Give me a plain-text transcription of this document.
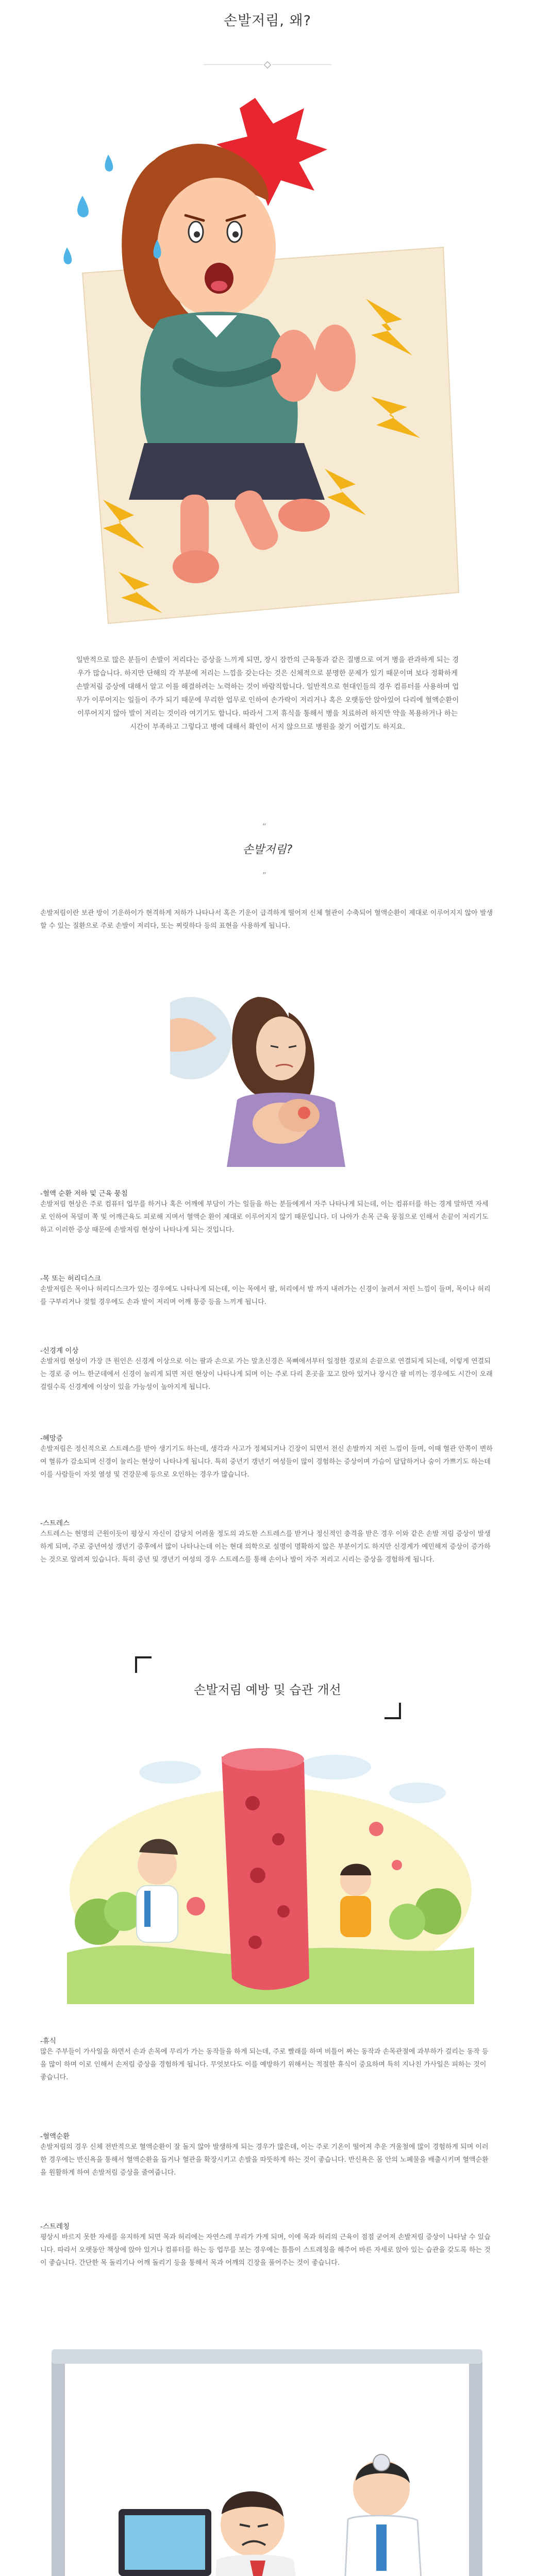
손발저림, 왜?
일반적으로 많은 분들이 손발이 저리다는 증상을 느끼게 되면, 장시 잠깐의 근육통과 같은 질병으로 여겨 병을 관과하게 되는 경우가 많습니다. 하지만 단해의 각 부분에 저리는 느낌을 갖는다는 것은 신체적으로 분명한 문제가 있기 때문이며 보다 정확하게 손발저림 증상에 대해서 알고 이를 해결하려는 노력하는 것이 바람직합니다. 일반적으로 현대인들의 경우 컴퓨터를 사용하며 업무가 이루어지는 일들이 주가 되기 때문에 무리한 업무로 인하여 손가락이 저리거나 혹은 오랫동안 앉아있어 다리에 혈액순환이 이루어지지 않아 발이 저리는 것이라 여기기도 합니다. 따라서 그저 휴식을 통해서 병을 치료하려 하지만 약을 복용하거나 하는 시간이 부족하고 그렇다고 병에 대해서 확인이 서지 않으므로 병원을 찾기 어렵기도 하지요.
“
손발저림?
”
손발저림이란 보관 방이 기운하이가 현격하게 저하가 나타나서 혹은 기운이 급격하게 떨어져 신체 혈관이 수축되어 혈액순환이 제대로 이루어지지 않아 발생할 수 있는 질환으로 주로 손발이 저리다, 또는 찌릿하다 등의 표현을 사용하게 됩니다.

-혈액 순환 저하 및 근육 뭉침

손발저림 현상은 주로 컴퓨터 업무를 하거나 혹은 어깨에 부담이 가는 일들을 하는 분들에게서 자주 나타나게 되는데, 이는 컴퓨터를 하는 경계 말하면 자세로 인하여 목덜미 쪽 및 어깨근육도 피로해 지며서 혈액순 환이 제대로 이루어지지 않기 때문입니다. 더 나아가 손목 근육 뭉침으로 인해서 손끝이 저리기도 하고 이러한 증상 때문에 손발저림 현상이 나타나게 되는 것입니다.

-목 또는 허리디스크

손발저림은 목이나 허리디스크가 있는 경우에도 나타나게 되는데, 이는 목에서 팔, 허리에서 발 까지 내려가는 신경이 눌려서 저린 느낌이 들며, 목이나 허리를 구부리거나 젖힐 경우에도 손과 발이 저리며 어깨 통증 등을 느끼게 됩니다.

-신경계 이상

손발저림 현상이 가장 큰 원인은 신경계 이상으로 이는 팔과 손으로 가는 말초신경은 목뼈에서부터 일정한 경로의 손끝으로 연결되게 되는데, 이렇게 연결되는 경로 중 어느 한군데에서 신경이 눌리게 되면 저린 현상이 나타나게 되며 이는 주로 다리 혼곳을 꼬고 앉아 있거나 장시간 팔 비끼는 경우에도 시간이 오래 걸릴수록 신경계에 이상이 있을 가능성이 높아지게 됩니다.

-혜망증

손발저림은 정신적으로 스트레스를 받아 생기기도 하는데, 생각과 사고가 정체되거나 긴장이 되면서 전신 손발까지 저린 느낌이 들며, 이때 혈관 안쪽이 변하여 혈류가 감소되며 신경이 눌리는 현상이 나타나게 됩니다. 특히 중년기 갱년기 여성들이 많이 경험하는 증상이며 가슴이 답답하거나 숨이 가쁘기도 하는데 이를 사람들이 자칫 열성 및 건강문제 등으로 오인하는 경우가 많습니다.

-스트레스

스트레스는 현명의 근원이듯이 평상시 자신이 감당치 어려울 정도의 과도한 스트레스를 받거나 정신적인 충격을 받은 경우 이와 같은 손발 저림 증상이 발생하게 되며, 주로 중년여성 갱년기 증후에서 많이 나타나는데 이는 현대 의학으로 설명이 명확하지 않은 부분이기도 하지만 신경계가 예민해져 증상이 증가하는 것으로 알려져 있습니다. 특히 중년 및 갱년기 여성의 경우 스트레스를 통해 손이나 발이 자주 저리고 시리는 증상을 경험하게 됩니다.

손발저림 예방 및 습관 개선

-휴식

많은 주부들이 가사일을 하면서 손과 손목에 무리가 가는 동작들을 하게 되는데, 주로 빨래를 하며 비틀어 짜는 동작과 손목관절에 과부하가 걸리는 동작 등을 많이 하며 이로 인해서 손저림 증상을 경험하게 됩니다. 무엇보다도 이를 예방하기 위해서는 적절한 휴식이 중요하며 특히 지나친 가사일은 피하는 것이 좋습니다.

-혈액순환

손발저림의 경우 신체 전반적으로 혈액순환이 잘 돌지 않아 발생하게 되는 경우가 많은데, 이는 주로 기온이 떨어져 추운 겨울철에 많이 경험하게 되며 이러한 경우에는 반신욕을 통해서 혈액순환을 돕거나 혈관을 확장시키고 손발을 따뜻하게 하는 것이 좋습니다. 반신욕은 몸 안의 노폐물을 배출시키며 혈액순환을 원활하게 하여 손발저림 증상을 줄여줍니다.

-스트레칭

평상시 바르지 못한 자세를 유지하게 되면 목과 허리에는 자연스레 무리가 가게 되며, 이에 목과 허리의 근육이 점점 굳어져 손발저림 증상이 나타날 수 있습니다. 따라서 오랫동안 책상에 앉아 있거나 컴퓨터를 하는 등 업무를 보는 경우에는 틈틈이 스트레칭을 해주어 바른 자세로 앉아 있는 습관을 갖도록 하는 것이 좋습니다. 간단한 목 돌리기나 어깨 돌리기 등을 통해서 목과 어깨의 긴장을 풀어주는 것이 좋습니다.
